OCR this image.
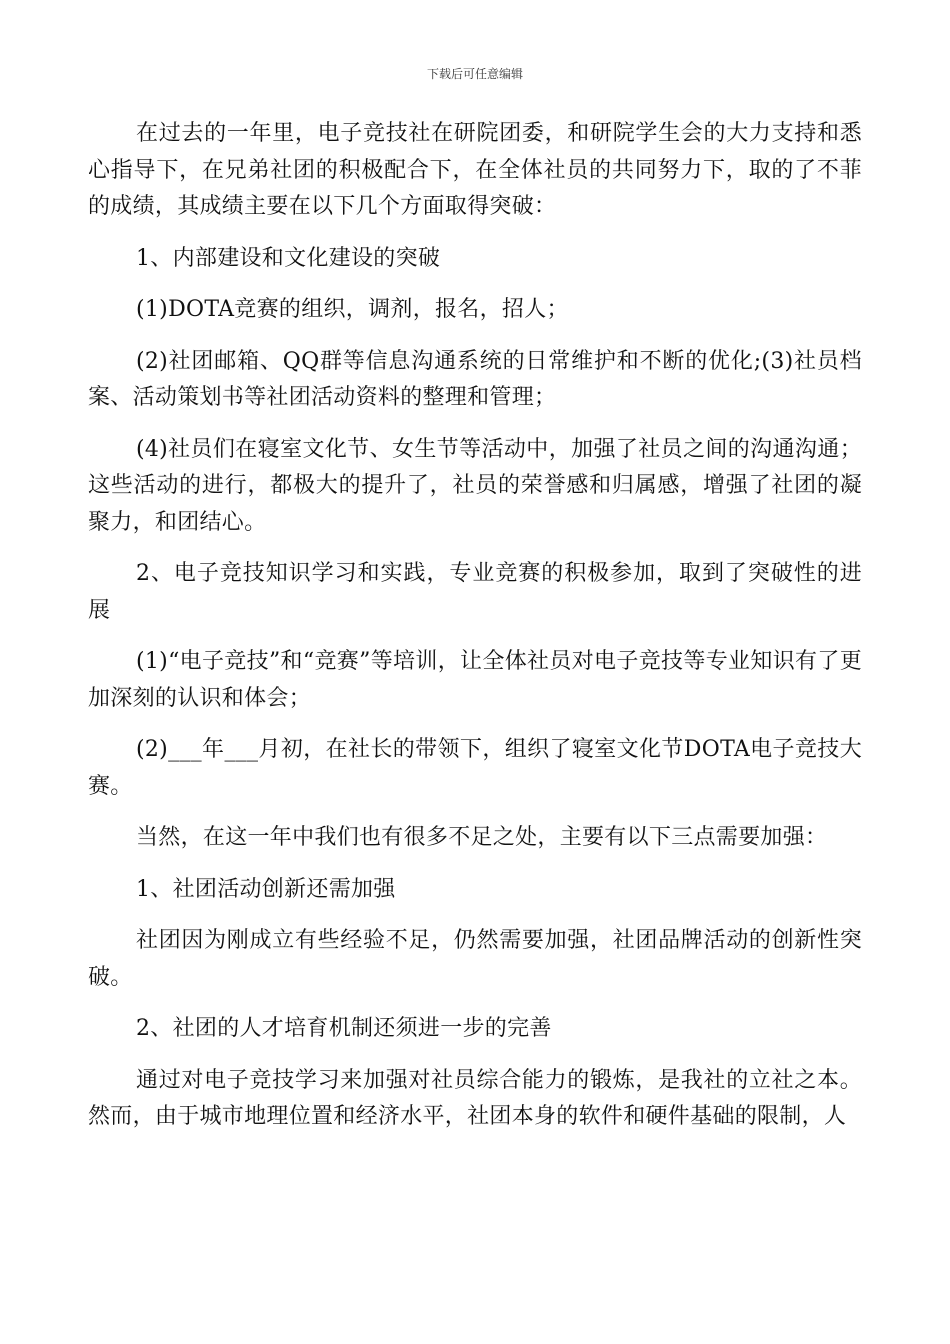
下载后可任意编辑

在过去的一年里，电子竞技社在研院团委，和研院学生会的大力支持和悉心指导下，在兄弟社团的积极配合下，在全体社员的共同努力下，取的了不菲的成绩，其成绩主要在以下几个方面取得突破：

1、内部建设和文化建设的突破

(1)DOTA竞赛的组织，调剂，报名，招人；

(2)社团邮箱、QQ群等信息沟通系统的日常维护和不断的优化;(3)社员档案、活动策划书等社团活动资料的整理和管理；

(4)社员们在寝室文化节、女生节等活动中，加强了社员之间的沟通沟通；这些活动的进行，都极大的提升了，社员的荣誉感和归属感，增强了社团的凝聚力，和团结心。

2、电子竞技知识学习和实践，专业竞赛的积极参加，取到了突破性的进展

(1)“电子竞技”和“竞赛”等培训，让全体社员对电子竞技等专业知识有了更加深刻的认识和体会；

(2)___年___月初，在社长的带领下，组织了寝室文化节DOTA电子竞技大赛。

当然，在这一年中我们也有很多不足之处，主要有以下三点需要加强：

1、社团活动创新还需加强

社团因为刚成立有些经验不足，仍然需要加强，社团品牌活动的创新性突破。

2、社团的人才培育机制还须进一步的完善

通过对电子竞技学习来加强对社员综合能力的锻炼，是我社的立社之本。然而，由于城市地理位置和经济水平，社团本身的软件和硬件基础的限制，人
